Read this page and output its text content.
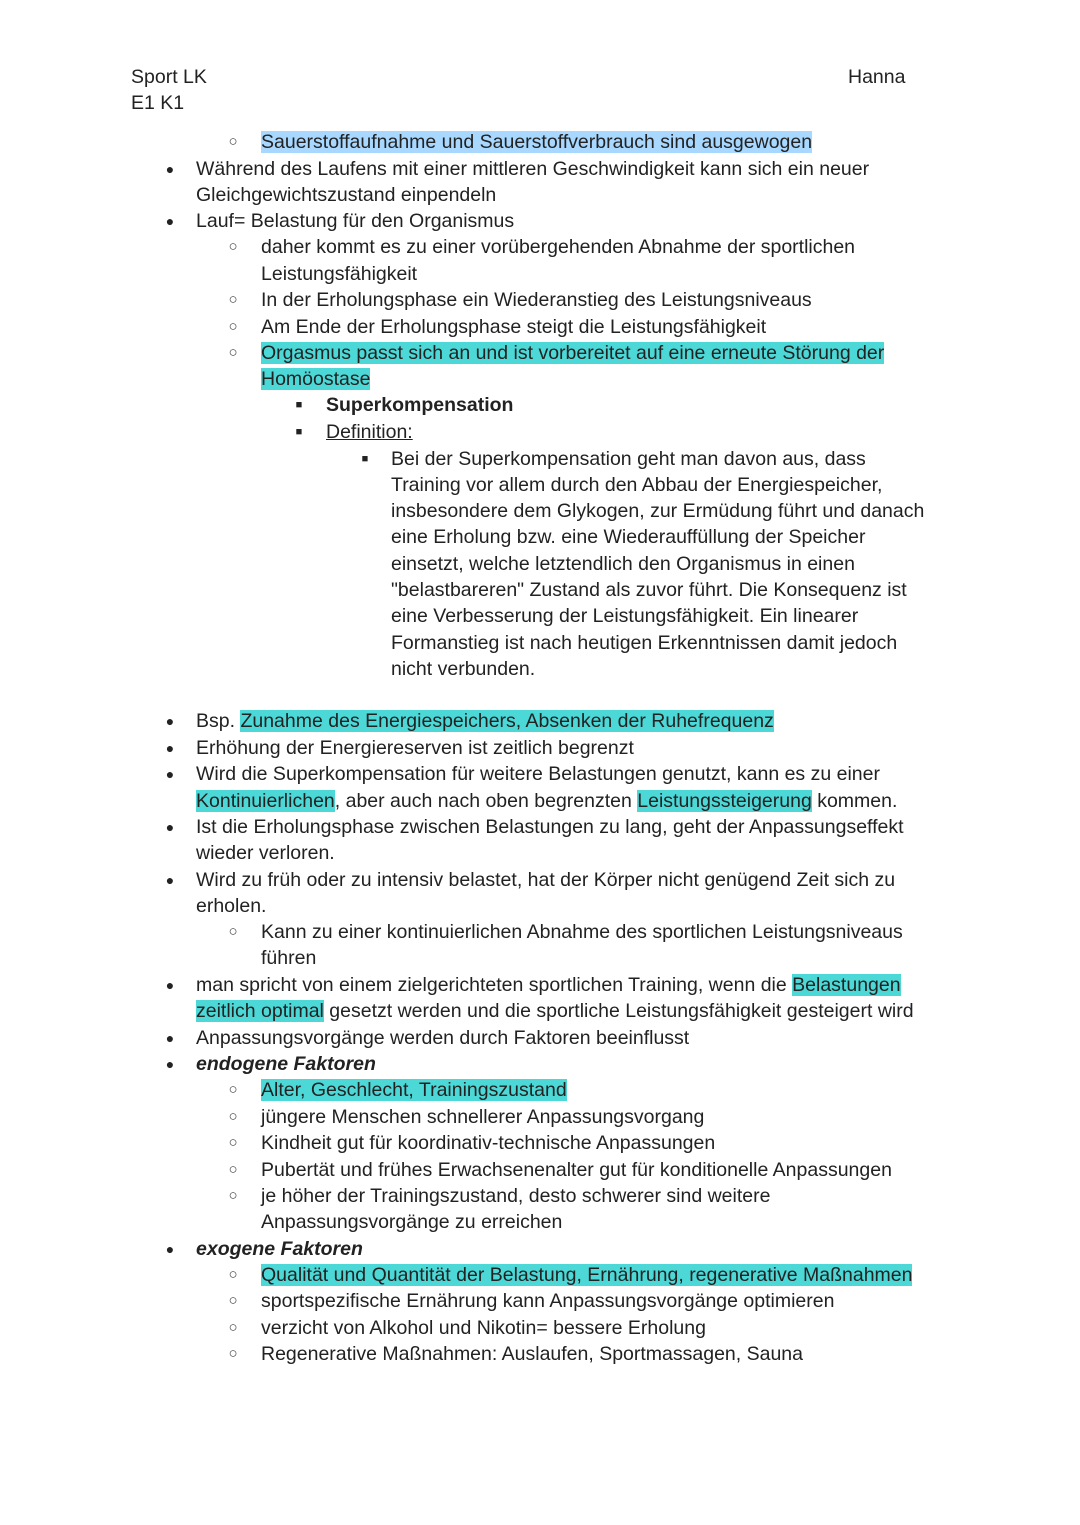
Sport LK
E1 K1
Hanna
○ Sauerstoffaufnahme und Sauerstoffverbrauch sind ausgewogen
● Während des Laufens mit einer mittleren Geschwindigkeit kann sich ein neuer
Gleichgewichtszustand einpendeln
● Lauf= Belastung für den Organismus
○ daher kommt es zu einer vorübergehenden Abnahme der sportlichen
Leistungsfähigkeit
○ In der Erholungsphase ein Wiederanstieg des Leistungsniveaus
○ Am Ende der Erholungsphase steigt die Leistungsfähigkeit
○ Orgasmus passt sich an und ist vorbereitet auf eine erneute Störung der
Homöostase
■	Superkompensation
■	Definition:
■	Bei der Superkompensation geht man davon aus, dass
Training vor allem durch den Abbau der Energiespeicher,
insbesondere dem Glykogen, zur Ermüdung führt und danach
eine Erholung bzw. eine Wiederauffüllung der Speicher
einsetzt, welche letztendlich den Organismus in einen
"belastbareren" Zustand als zuvor führt. Die Konsequenz ist
eine Verbesserung der Leistungsfähigkeit. Ein linearer
Formanstieg ist nach heutigen Erkenntnissen damit jedoch
nicht verbunden.
● Bsp. Zunahme des Energiespeichers, Absenken der Ruhefrequenz
● Erhöhung der Energiereserven ist zeitlich begrenzt
● Wird die Superkompensation für weitere Belastungen genutzt, kann es zu einer
Kontinuierlichen, aber auch nach oben begrenzten Leistungssteigerung kommen.
● Ist die Erholungsphase zwischen Belastungen zu lang, geht der Anpassungseffekt
wieder verloren.
● Wird zu früh oder zu intensiv belastet, hat der Körper nicht genügend Zeit sich zu
erholen.
○ Kann zu einer kontinuierlichen Abnahme des sportlichen Leistungsniveaus
führen
● man spricht von einem zielgerichteten sportlichen Training, wenn die Belastungen
zeitlich optimal gesetzt werden und die sportliche Leistungsfähigkeit gesteigert wird
● Anpassungsvorgänge werden durch Faktoren beeinflusst
● endogene Faktoren
○ Alter, Geschlecht, Trainingszustand
○ jüngere Menschen schnellerer Anpassungsvorgang
○ Kindheit gut für koordinativ-technische Anpassungen
○ Pubertät und frühes Erwachsenenalter gut für konditionelle Anpassungen
○ je höher der Trainingszustand, desto schwerer sind weitere
Anpassungsvorgänge zu erreichen
● exogene Faktoren
○ Qualität und Quantität der Belastung, Ernährung, regenerative Maßnahmen
○ sportspezifische Ernährung kann Anpassungsvorgänge optimieren
○ verzicht von Alkohol und Nikotin= bessere Erholung
○ Regenerative Maßnahmen: Auslaufen, Sportmassagen, Sauna
